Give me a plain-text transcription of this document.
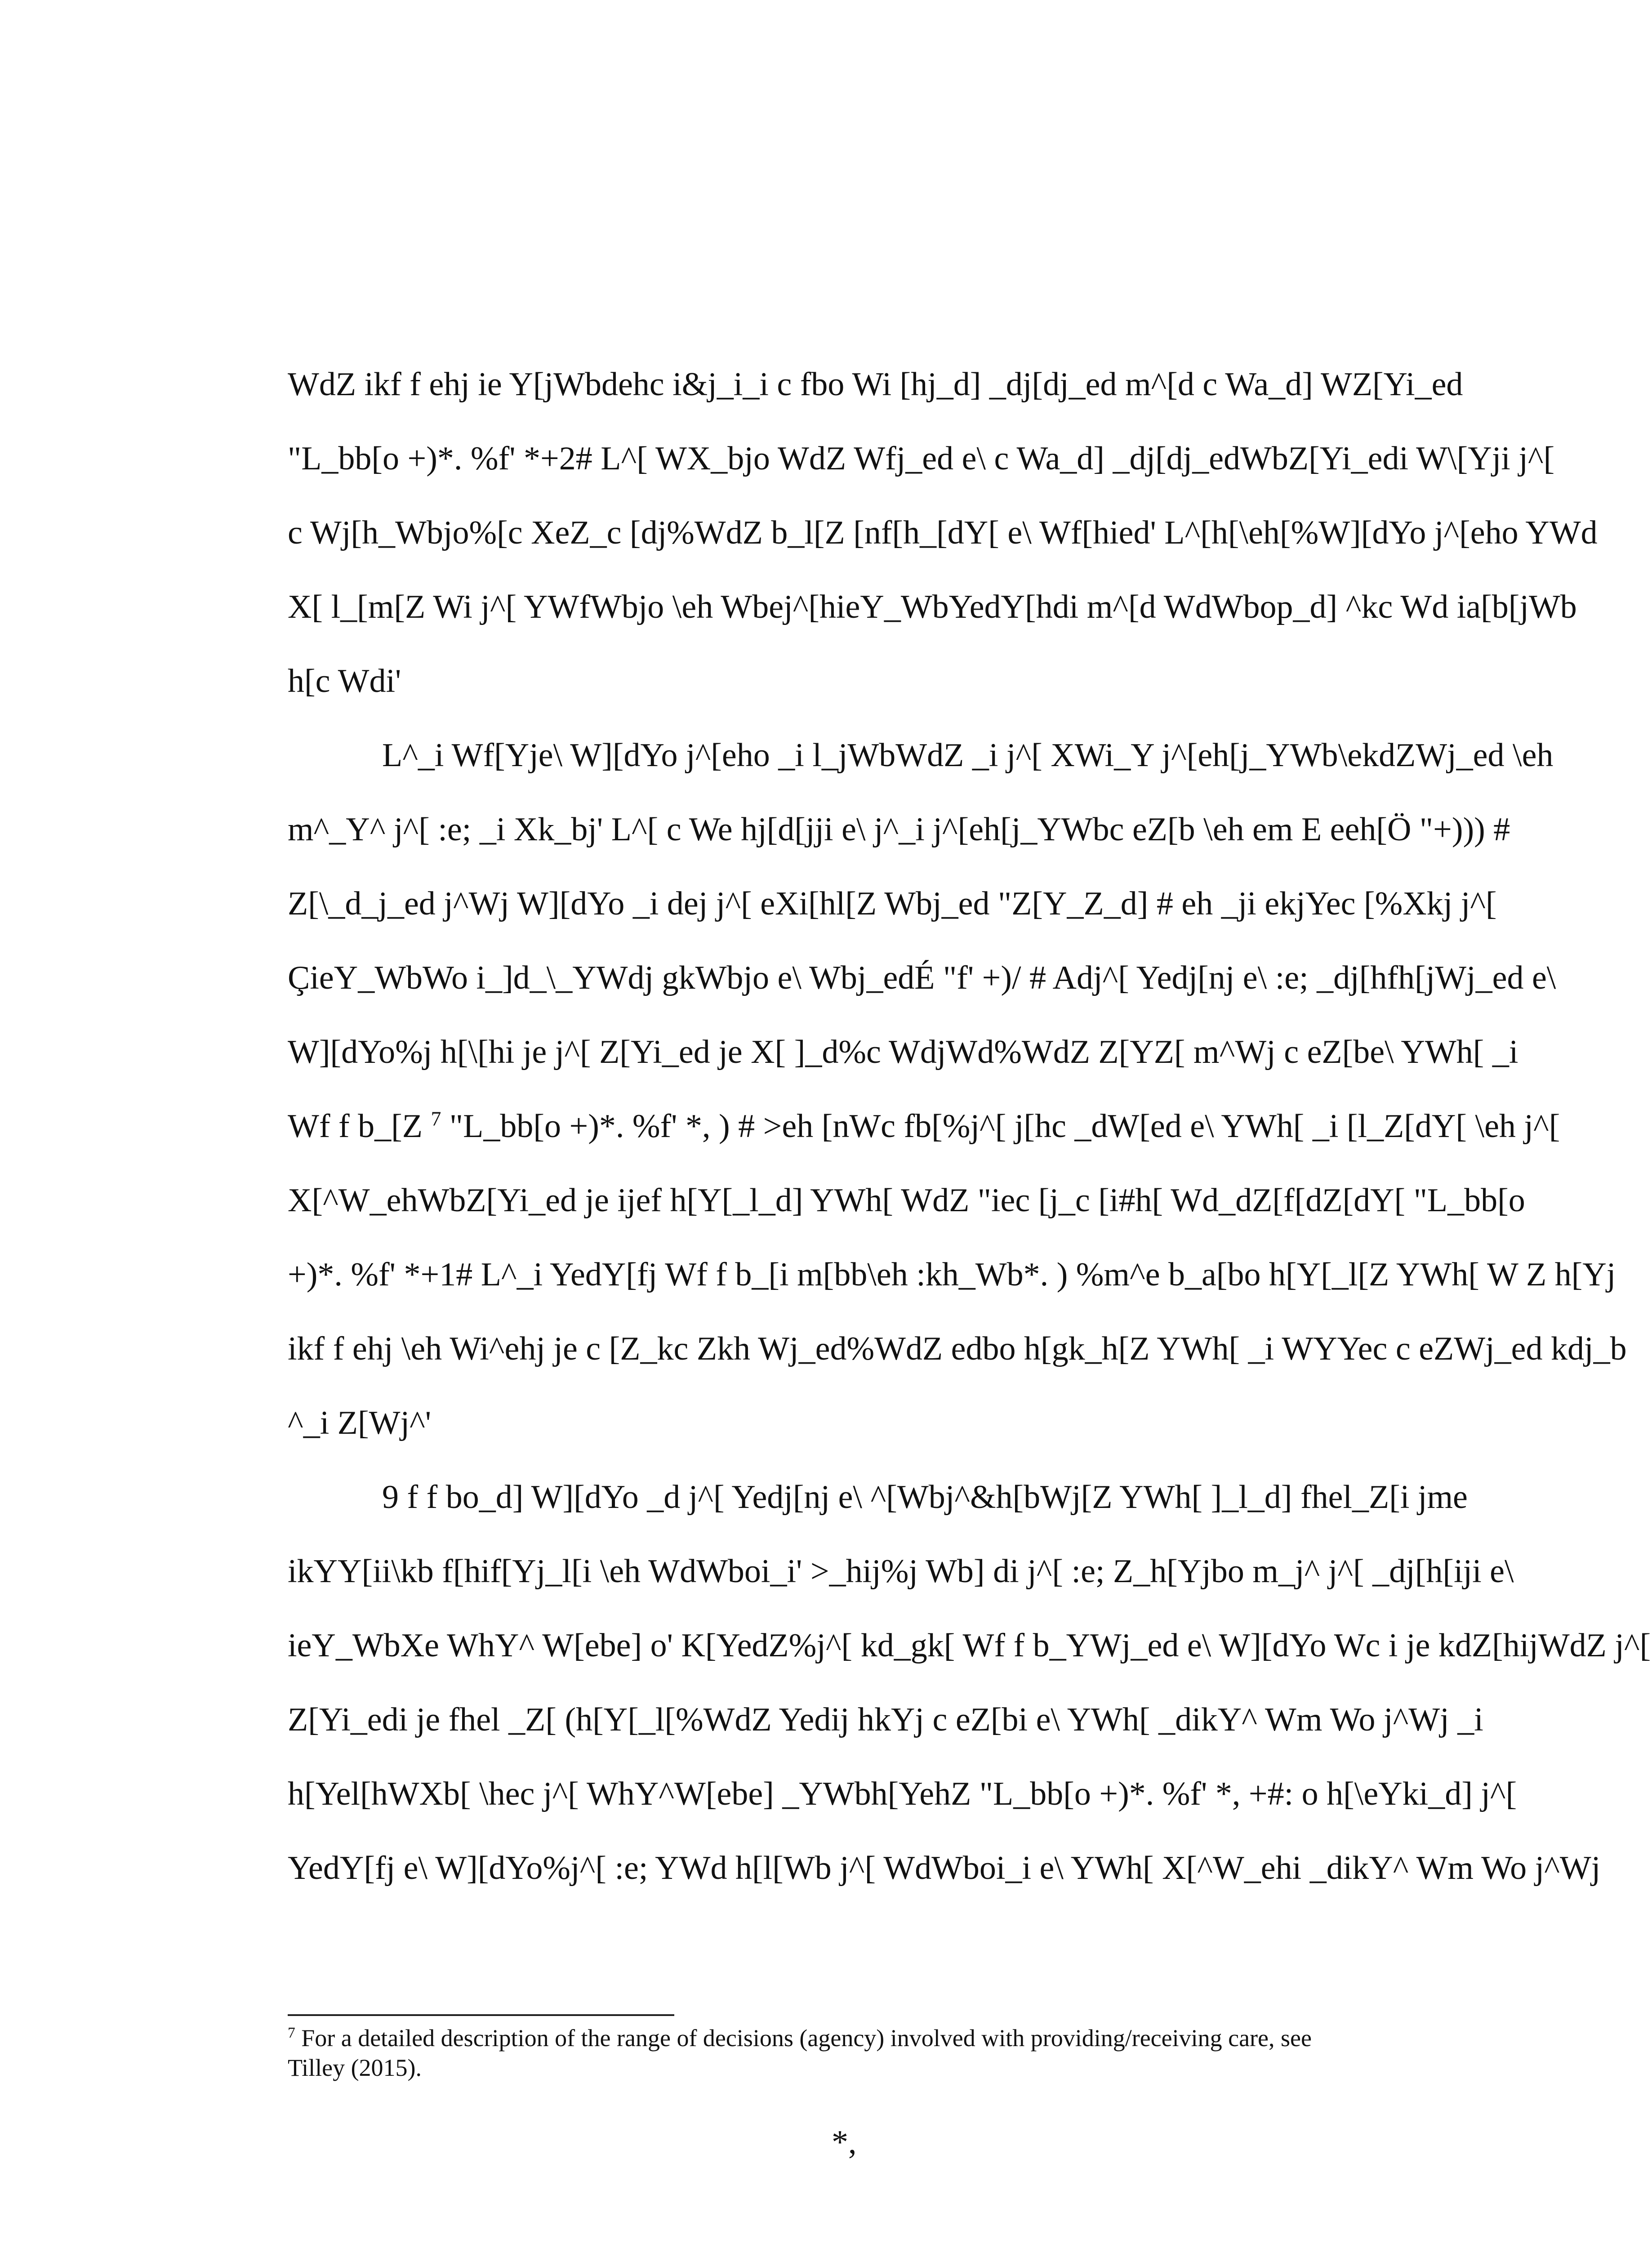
WdZ ikf f ehj ie Y[jWbdehc i&j_i_i c fbo Wi [hj_d] _dj[dj_ed m^[d c Wa_d] WZ[Yi_ed
"L_bb[o +)*. %f' *+2# L^[ WX_bjo WdZ Wfj_ed e\ c Wa_d] _dj[dj_edWbZ[Yi_edi W\[Yji j^[
c Wj[h_Wbjo%[c XeZ_c [dj%WdZ b_l[Z [nf[h_[dY[ e\ Wf[hied' L^[h[\eh[%W][dYo j^[eho YWd
X[ l_[m[Z Wi j^[ YWfWbjo \eh Wbej^[hieY_WbYedY[hdi m^[d WdWbop_d] ^kc Wd ia[b[jWb
h[c Wdi'
L^_i Wf[Yje\ W][dYo j^[eho _i l_jWbWdZ _i j^[ XWi_Y j^[eh[j_YWb\ekdZWj_ed \eh
m^_Y^ j^[ :e; _i Xk_bj' L^[ c We hj[d[jji e\ j^_i j^[eh[j_YWbc eZ[b \eh em E eeh[Ö "+))) #
Z[\_d_j_ed j^Wj W][dYo _i dej j^[ eXi[hl[Z Wbj_ed "Z[Y_Z_d] # eh _ji ekjYec [%Xkj j^[
ÇieY_WbWo i_]d_\_YWdj gkWbjo e\ Wbj_edÉ "f' +)/ # Adj^[ Yedj[nj e\ :e; _dj[hfh[jWj_ed e\
W][dYo%j h[\[hi je j^[ Z[Yi_ed je X[ ]_d%c WdjWd%WdZ Z[YZ[ m^Wj c eZ[be\ YWh[ _i
Wf f b_[Z $^7$ "L_bb[o +)*. %f' *, ) # >eh [nWc fb[%j^[ j[hc _dW[ed e\ YWh[ _i [l_Z[dY[ \eh j^[
X[^W_ehWbZ[Yi_ed je ijef h[Y[_l_d] YWh[ WdZ "iec [j_c [i#h[ Wd_dZ[f[dZ[dY[ "L_bb[o
+)*. %f' *+1# L^_i YedY[fj Wf f b_[i m[bb\eh :kh_Wb*. ) %m^e b_a[bo h[Y[_l[Z YWh[ W Z h[Yj
ikf f ehj \eh Wi^ehj je c [Z_kc Zkh Wj_ed%WdZ edbo h[gk_h[Z YWh[ _i WYYec c eZWj_ed kdj_b
^_i Z[Wj^'
9 f f bo_d] W][dYo _d j^[ Yedj[nj e\ ^[Wbj^&h[bWj[Z YWh[ ]_l_d] fhel_Z[i jme
ikYY[ii\kb f[hif[Yj_l[i \eh WdWboi_i' >_hij%j Wb] di j^[ :e; Z_h[Yjbo m_j^ j^[ _dj[h[iji e\
ieY_WbXe WhY^ W[ebe] o' K[YedZ%j^[ kd_gk[ Wf f b_YWj_ed e\ W][dYo Wc i je kdZ[hijWdZ j^[
Z[Yi_edi je fhel _Z[ (h[Y[_l[%WdZ Yedij hkYj c eZ[bi e\ YWh[ _dikY^ Wm Wo j^Wj _i
h[Yel[hWXb[ \hec j^[ WhY^W[ebe] _YWbh[YehZ "L_bb[o +)*. %f' *, +#: o h[\eYki_d] j^[
YedY[fj e\ W][dYo%j^[ :e; YWd h[l[Wb j^[ WdWboi_i e\ YWh[ X[^W_ehi _dikY^ Wm Wo j^Wj
$^7$ For a detailed description of the range of decisions (agency) involved with providing/receiving care, see
Tilley (2015).
*,
